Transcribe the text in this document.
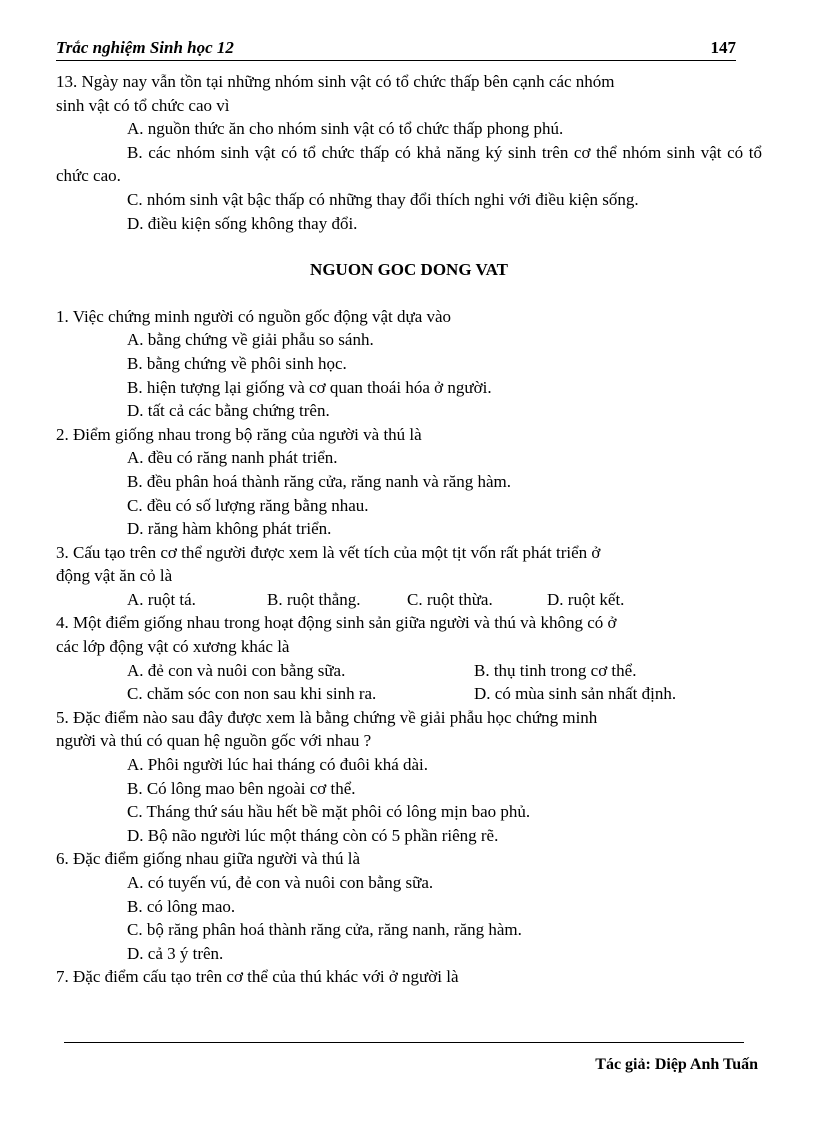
Trắc nghiệm Sinh học 12	147

13. Ngày nay vẫn tồn tại những nhóm sinh vật có tổ chức thấp bên cạnh các nhóm

sinh vật có tổ chức cao vì

A. nguồn thức ăn cho nhóm sinh vật có tổ chức thấp phong phú.

B. các nhóm sinh vật có tổ chức thấp có khả năng ký sinh trên cơ thể nhóm sinh vật có tổ chức cao.

C. nhóm sinh vật bậc thấp có những thay đổi thích nghi với điều kiện sống.

D. điều kiện sống không thay đổi.

NGUON GOC DONG VAT

1. Việc chứng minh người có nguồn gốc động vật dựa vào

A. bằng chứng về giải phẫu so sánh.

B. bằng chứng về phôi sinh học.

B. hiện tượng lại giống và cơ quan thoái hóa ở người.

D. tất cả các bằng chứng trên.

2. Điểm giống nhau trong bộ răng của người và thú là

A. đều có răng nanh phát triển.

B. đều phân hoá thành răng cửa, răng nanh và răng hàm.

C. đều có số lượng răng bằng nhau.

D. răng hàm không phát triển.

3. Cấu tạo trên cơ thể người được xem là vết tích của một tịt vốn rất phát triển ở

động vật ăn cỏ là

A. ruột tá.	B. ruột thẳng.	C. ruột thừa.	D. ruột kết.

4. Một điểm giống nhau trong hoạt động sinh sản giữa người và thú và không có ở

các lớp động vật có xương khác là

A. đẻ con và nuôi con bằng sữa.	B. thụ tinh trong cơ thể.
C. chăm sóc con non sau khi sinh ra.	D. có mùa sinh sản nhất định.

5. Đặc điểm nào sau đây được xem là bằng chứng về giải phẫu học chứng minh

người và thú có quan hệ nguồn gốc với nhau ?

A. Phôi người lúc hai tháng có đuôi khá dài.

B. Có lông mao bên ngoài cơ thể.

C. Tháng thứ sáu hầu hết bề mặt phôi có lông mịn bao phủ.

D. Bộ não người lúc một tháng còn có 5 phần riêng rẽ.

6. Đặc điểm giống nhau giữa người và thú là

A. có tuyến vú, đẻ con và nuôi con bằng sữa.

B. có lông mao.

C. bộ răng phân hoá thành răng cửa, răng nanh, răng hàm.

D. cả 3 ý trên.

7. Đặc điểm cấu tạo trên cơ thể của thú khác với ở người là

Tác giả: Diệp Anh Tuấn
